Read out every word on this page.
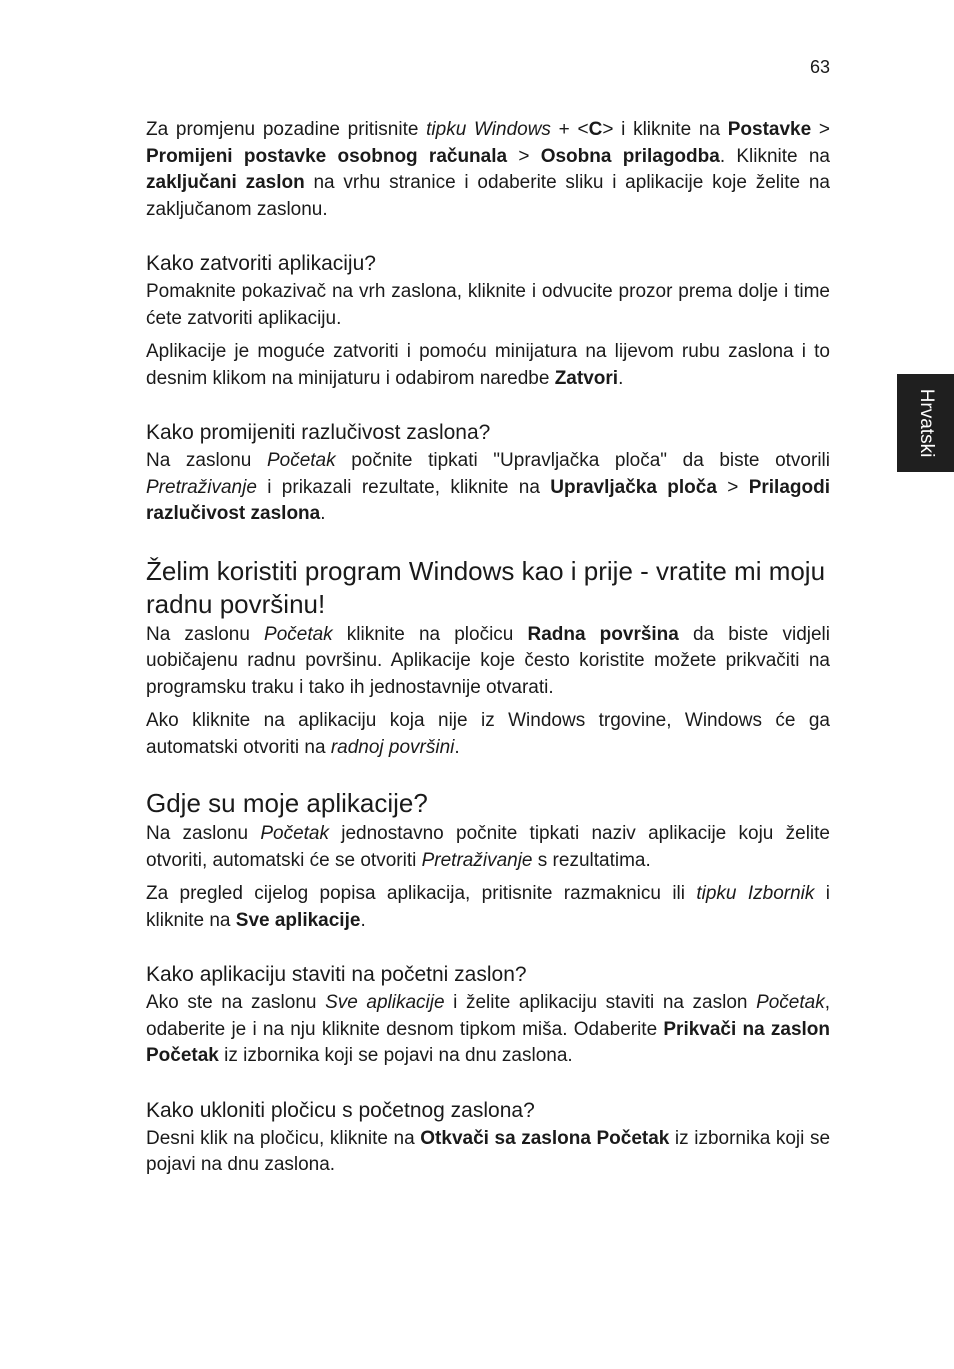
63
Hrvatski

Za promjenu pozadine pritisnite tipku Windows + <C> i kliknite na Postavke > Promijeni postavke osobnog računala > Osobna prilagodba. Kliknite na zaključani zaslon na vrhu stranice i odaberite sliku i aplikacije koje želite na zaključanom zaslonu.

Kako zatvoriti aplikaciju?

Pomaknite pokazivač na vrh zaslona, kliknite i odvucite prozor prema dolje i time ćete zatvoriti aplikaciju.

Aplikacije je moguće zatvoriti i pomoću minijatura na lijevom rubu zaslona i to desnim klikom na minijaturu i odabirom naredbe Zatvori.

Kako promijeniti razlučivost zaslona?

Na zaslonu Početak počnite tipkati "Upravljačka ploča" da biste otvorili Pretraživanje i prikazali rezultate, kliknite na Upravljačka ploča > Prilagodi razlučivost zaslona.

Želim koristiti program Windows kao i prije - vratite mi moju radnu površinu!

Na zaslonu Početak kliknite na pločicu Radna površina da biste vidjeli uobičajenu radnu površinu. Aplikacije koje često koristite možete prikvačiti na programsku traku i tako ih jednostavnije otvarati.

Ako kliknite na aplikaciju koja nije iz Windows trgovine, Windows će ga automatski otvoriti na radnoj površini.

Gdje su moje aplikacije?

Na zaslonu Početak jednostavno počnite tipkati naziv aplikacije koju želite otvoriti, automatski će se otvoriti Pretraživanje s rezultatima.

Za pregled cijelog popisa aplikacija, pritisnite razmaknicu ili tipku Izbornik i kliknite na Sve aplikacije.

Kako aplikaciju staviti na početni zaslon?

Ako ste na zaslonu Sve aplikacije i želite aplikaciju staviti na zaslon Početak, odaberite je i na nju kliknite desnom tipkom miša. Odaberite Prikvači na zaslon Početak iz izbornika koji se pojavi na dnu zaslona.

Kako ukloniti pločicu s početnog zaslona?

Desni klik na pločicu, kliknite na Otkvači sa zaslona Početak iz izbornika koji se pojavi na dnu zaslona.
